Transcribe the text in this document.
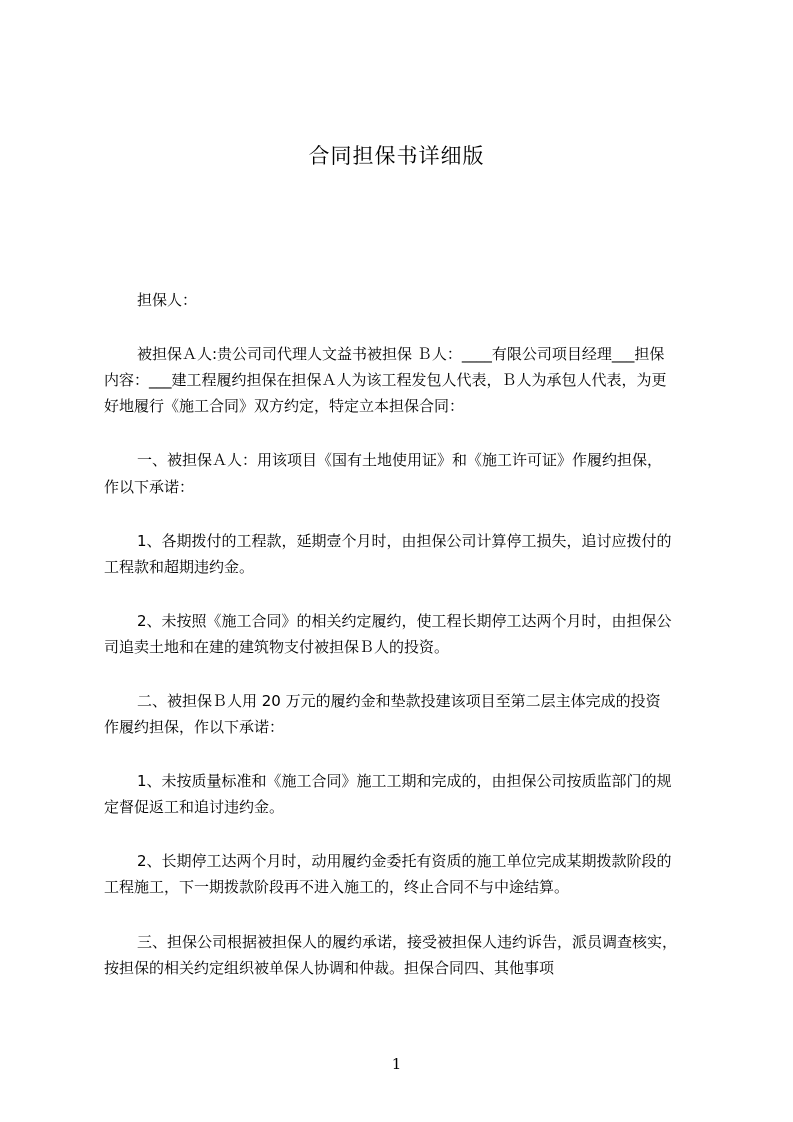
合同担保书详细版
担保人：
被担保Ａ人:贵公司司代理人文益书被担保 Ｂ人：____有限公司项目经理___担保
内容：___建工程履约担保在担保Ａ人为该工程发包人代表，Ｂ人为承包人代表，为更
好地履行《施工合同》双方约定，特定立本担保合同：
一、被担保Ａ人：用该项目《国有土地使用证》和《施工许可证》作履约担保，
作以下承诺：
1、各期拨付的工程款，延期壹个月时，由担保公司计算停工损失，追讨应拨付的
工程款和超期违约金。
2、未按照《施工合同》的相关约定履约，使工程长期停工达两个月时，由担保公
司追卖土地和在建的建筑物支付被担保Ｂ人的投资。
二、被担保Ｂ人用 20 万元的履约金和垫款投建该项目至第二层主体完成的投资
作履约担保，作以下承诺：
1、未按质量标准和《施工合同》施工工期和完成的，由担保公司按质监部门的规
定督促返工和追讨违约金。
2、长期停工达两个月时，动用履约金委托有资质的施工单位完成某期拨款阶段的
工程施工，下一期拨款阶段再不进入施工的，终止合同不与中途结算。
三、担保公司根据被担保人的履约承诺，接受被担保人违约诉告，派员调查核实，
按担保的相关约定组织被单保人协调和仲裁。担保合同四、其他事项
1
